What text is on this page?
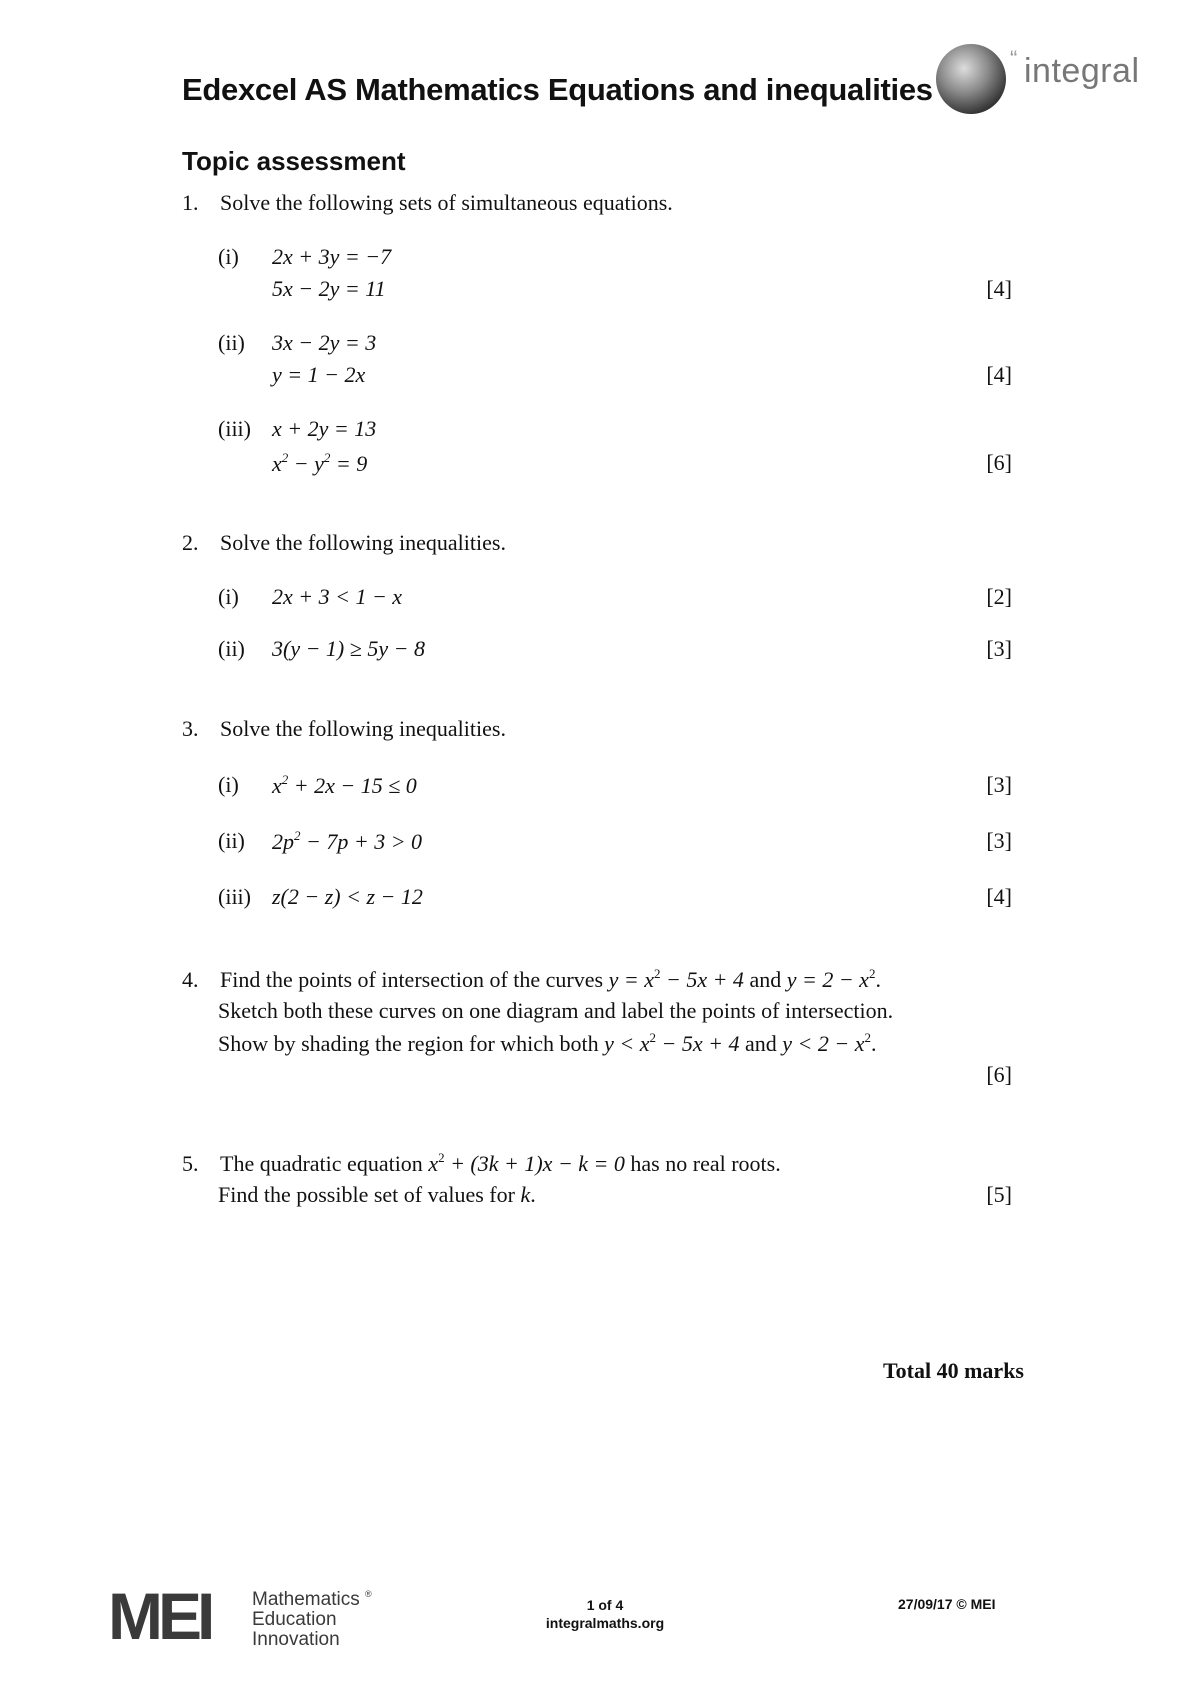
Edexcel AS Mathematics Equations and inequalities
“	integral
Topic assessment
1. Solve the following sets of simultaneous equations.
(i)	2x + 3y = −7
5x − 2y = 11	[4]
(ii)	3x − 2y = 3
y = 1 − 2x	[4]
(iii) x + 2y = 13
$x^2 - y^2 = 9$	[6]
2. Solve the following inequalities.
(i)	2x + 3 < 1 − x	[2]
(ii)	3(y − 1) ≥ 5y − 8	[3]
3. Solve the following inequalities.
(i)	$x^2 + 2x - 15 \le 0$	[3]
(ii)	$2p^2 - 7p + 3 > 0$	[3]
(iii) z(2 − z) < z − 12	[4]
4. Find the points of intersection of the curves $y = x^2 - 5x + 4$ and $y = 2 - x^2$.
Sketch both these curves on one diagram and label the points of intersection.
Show by shading the region for which both $y < x^2 - 5x + 4$ and $y < 2 - x^2$.
[6]
5. The quadratic equation $x^2 + (3k + 1)x - k = 0$ has no real roots.
Find the possible set of values for k.	[5]
Total 40 marks
MEI Mathematics ®
Education
Innovation
1 of 4
integralmaths.org
27/09/17 © MEI
